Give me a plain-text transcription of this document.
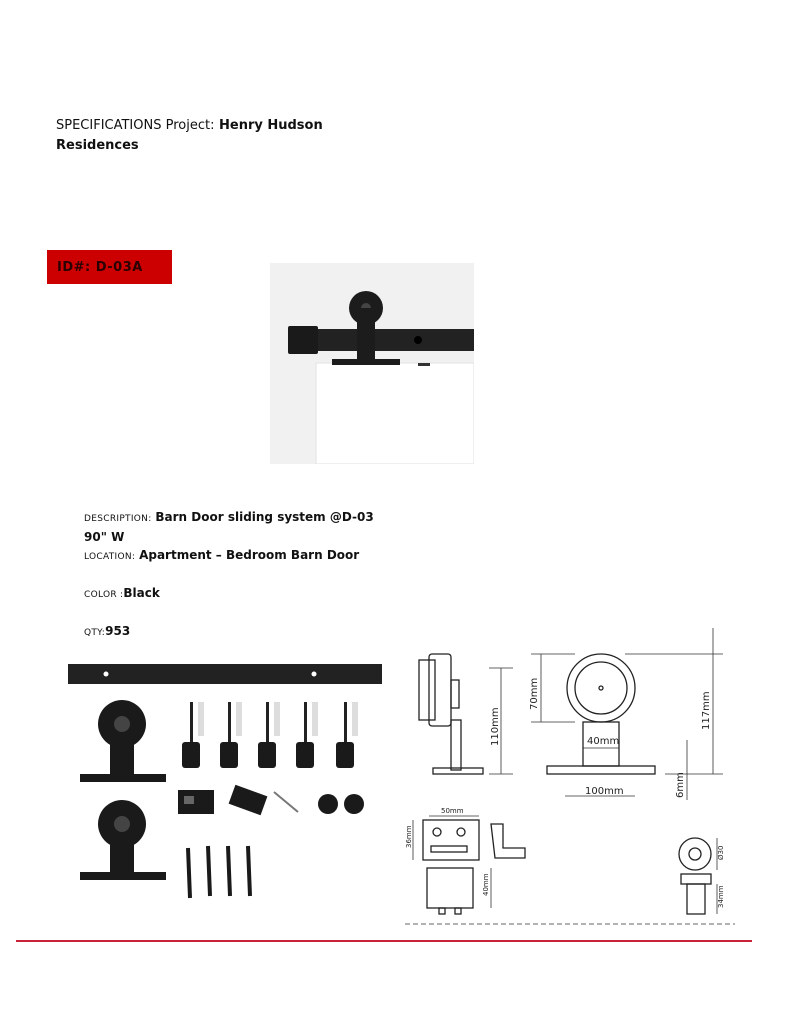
SPECIFICATIONS Project: Henry Hudson Residences
ID#: D-03A

DESCRIPTION: Barn Door sliding system @D-03

90" W

LOCATION: Apartment – Bedroom Barn Door

COLOR :Black

QTY:953

110mm
70mm
40mm
117mm
6mm
100mm
50mm
36mm
40mm
Ø30
34mm
